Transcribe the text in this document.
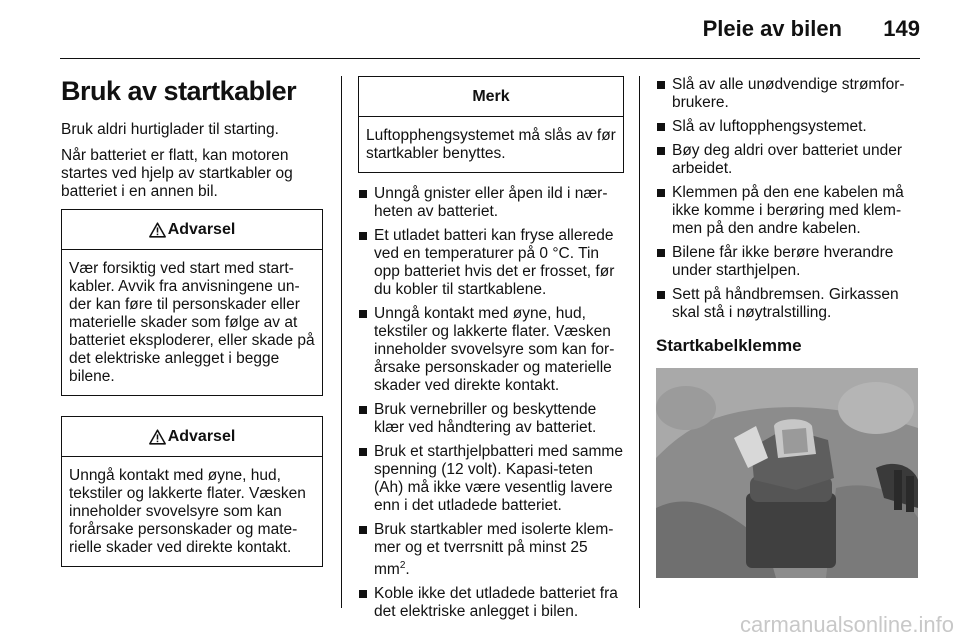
Pleie av bilen 149
Bruk av startkabler

Bruk aldri hurtiglader til starting.

Når batteriet er flatt, kan motoren startes ved hjelp av startkabler og batteriet i en annen bil.

Advarsel
Vær forsiktig ved start med start-kabler. Avvik fra anvisningene un-der kan føre til personskader eller materielle skader som følge av at batteriet eksploderer, eller skade på det elektriske anlegget i begge bilene.
Advarsel
Unngå kontakt med øyne, hud, tekstiler og lakkerte flater. Væsken inneholder svovelsyre som kan forårsake personskader og mate-rielle skader ved direkte kontakt.
Merk
Luftopphengsystemet må slås av før startkabler benyttes.
Unngå gnister eller åpen ild i nær-heten av batteriet.
Et utladet batteri kan fryse allerede ved en temperaturer på 0 °C. Tin opp batteriet hvis det er frosset, før du kobler til startkablene.
Unngå kontakt med øyne, hud, tekstiler og lakkerte flater. Væsken inneholder svovelsyre som kan for-årsake personskader og materielle skader ved direkte kontakt.
Bruk vernebriller og beskyttende klær ved håndtering av batteriet.
Bruk et starthjelpbatteri med samme spenning (12 volt). Kapasi-teten (Ah) må ikke være vesentlig lavere enn i det utladede batteriet.
Bruk startkabler med isolerte klem-mer og et tverrsnitt på minst 25 $mm^2$.
Koble ikke det utladede batteriet fra det elektriske anlegget i bilen.
Slå av alle unødvendige strømfor-brukere.
Slå av luftopphengsystemet.
Bøy deg aldri over batteriet under arbeidet.
Klemmen på den ene kabelen må ikke komme i berøring med klem-men på den andre kabelen.
Bilene får ikke berøre hverandre under starthjelpen.
Sett på håndbremsen. Girkassen skal stå i nøytralstilling.
Startkabelklemme
carmanualsonline.info
